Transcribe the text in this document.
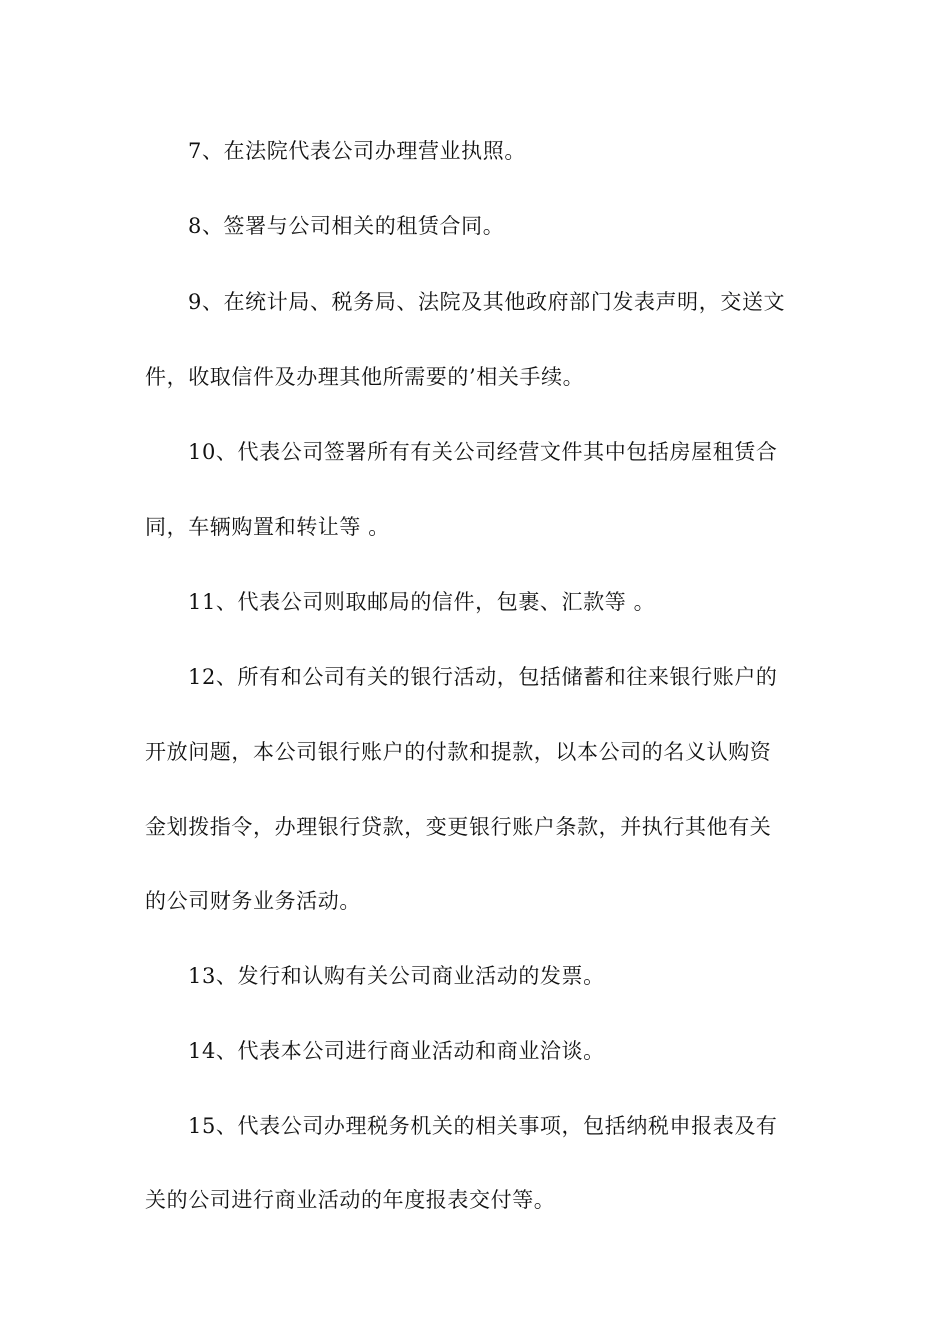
7、在法院代表公司办理营业执照。
8、签署与公司相关的租赁合同。
9、在统计局、税务局、法院及其他政府部门发表声明，交送文
件，收取信件及办理其他所需要的’相关手续。
10、代表公司签署所有有关公司经营文件其中包括房屋租赁合
同，车辆购置和转让等 。
11、代表公司则取邮局的信件，包裹、汇款等 。
12、所有和公司有关的银行活动，包括储蓄和往来银行账户的
开放问题，本公司银行账户的付款和提款，以本公司的名义认购资
金划拨指令，办理银行贷款，变更银行账户条款，并执行其他有关
的公司财务业务活动。
13、发行和认购有关公司商业活动的发票。
14、代表本公司进行商业活动和商业洽谈。
15、代表公司办理税务机关的相关事项，包括纳税申报表及有
关的公司进行商业活动的年度报表交付等。
